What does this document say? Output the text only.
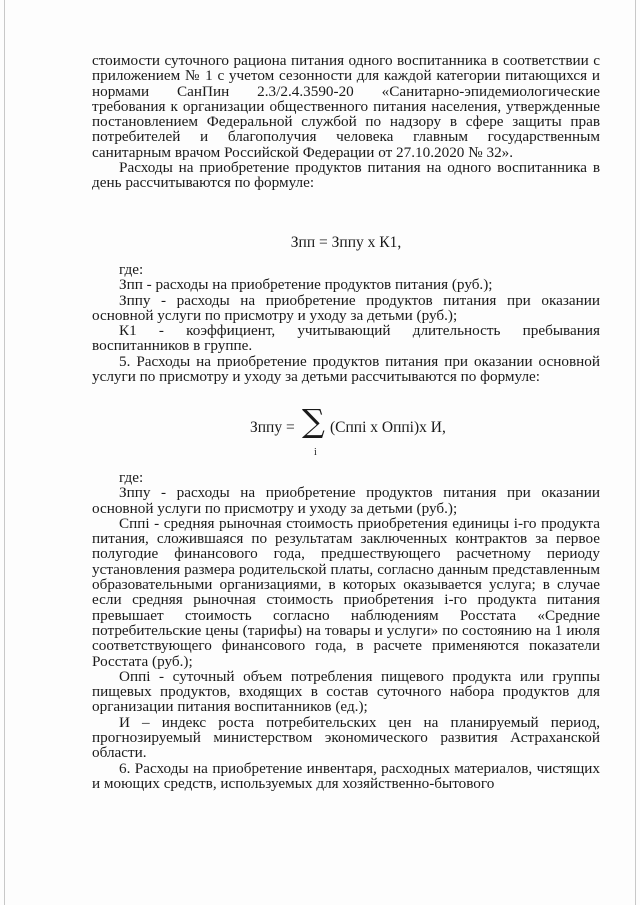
стоимости суточного рациона питания одного воспитанника в соответствии с приложением № 1 с учетом сезонности для каждой категории питающихся и нормами СанПин 2.3/2.4.3590-20 «Санитарно-эпидемиологические требования к организации общественного питания населения, утвержденные постановлением Федеральной службой по надзору в сфере защиты прав потребителей и благополучия человека главным государственным санитарным врачом Российской Федерации от 27.10.2020 № 32».

Расходы на приобретение продуктов питания на одного воспитанника в день рассчитываются по формуле:

Зпп = Зппу х К1,

где:

Зпп - расходы на приобретение продуктов питания (руб.);

Зппу - расходы на приобретение продуктов питания при оказании основной услуги по присмотру и уходу за детьми (руб.);

К1 - коэффициент, учитывающий длительность пребывания воспитанников в группе.

5. Расходы на приобретение продуктов питания при оказании основной услуги по присмотру и уходу за детьми рассчитываются по формуле:

Зппу = ∑
i
(Сппi х Оппi)х И,

где:

Зппу - расходы на приобретение продуктов питания при оказании основной услуги по присмотру и уходу за детьми (руб.);

Сппi - средняя рыночная стоимость приобретения единицы i-го продукта питания, сложившаяся по результатам заключенных контрактов за первое полугодие финансового года, предшествующего расчетному периоду установления размера родительской платы, согласно данным представленным образовательными организациями, в которых оказывается услуга; в случае если средняя рыночная стоимость приобретения i-го продукта питания превышает стоимость согласно наблюдениям Росстата «Средние потребительские цены (тарифы) на товары и услуги» по состоянию на 1 июля соответствующего финансового года, в расчете применяются показатели Росстата (руб.);

Оппi - суточный объем потребления пищевого продукта или группы пищевых продуктов, входящих в состав суточного набора продуктов для организации питания воспитанников (ед.);

И – индекс роста потребительских цен на планируемый период, прогнозируемый министерством экономического развития Астраханской области.

6. Расходы на приобретение инвентаря, расходных материалов, чистящих и моющих средств, используемых для хозяйственно-бытового
